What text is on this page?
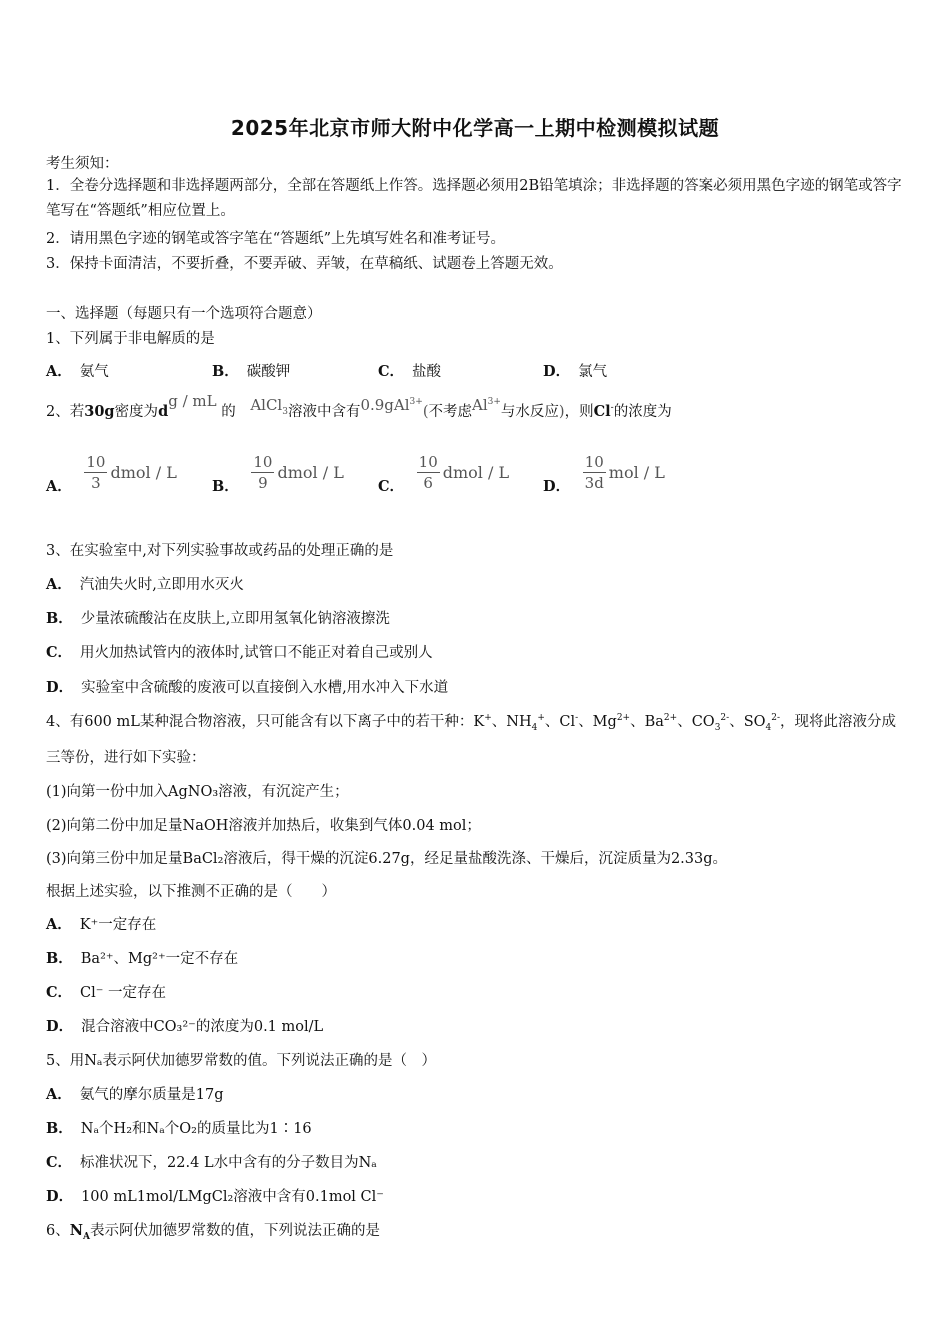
2025年北京市师大附中化学高一上期中检测模拟试题
考生须知：
1．全卷分选择题和非选择题两部分，全部在答题纸上作答。选择题必须用2B铅笔填涂；非选择题的答案必须用黑色字迹的钢笔或答字笔写在“答题纸”相应位置上。
2．请用黑色字迹的钢笔或答字笔在“答题纸”上先填写姓名和准考证号。
3．保持卡面清洁，不要折叠，不要弄破、弄皱，在草稿纸、试题卷上答题无效。
一、选择题（每题只有一个选项符合题意）
1、下列属于非电解质的是
A． 氨气	B． 碳酸钾	C． 盐酸	D． 氯气
2、若30g密度为$d^{g / mL}$ 的 AlCl$_3$溶液中含有0.9gAl$^{3+}$(不考虑$Al^{3+}$与水反应)，则Cl-的浓度为
A． $\frac{10}{3}$ dmol / L
B． $\frac{10}{9}$ dmol / L
C． $\frac{10}{6}$ dmol / L
D． $\frac{10}{3d}$ mol / L
3、在实验室中,对下列实验事故或药品的处理正确的是
A． 汽油失火时,立即用水灭火
B． 少量浓硫酸沾在皮肤上,立即用氢氧化钠溶液擦洗
C． 用火加热试管内的液体时,试管口不能正对着自己或别人
D． 实验室中含硫酸的废液可以直接倒入水槽,用水冲入下水道
4、有600 mL某种混合物溶液，只可能含有以下离子中的若干种：K+、$NH_4^+$、Cl-、$Mg^{2+}$、$Ba^{2+}$、$CO_3^{2-}$、$SO_4^{2-}$，现将此溶液分成
三等份，进行如下实验：
(1)向第一份中加入AgNO₃溶液，有沉淀产生；
(2)向第二份中加足量NaOH溶液并加热后，收集到气体0.04 mol；
(3)向第三份中加足量BaCl₂溶液后，得干燥的沉淀6.27g，经足量盐酸洗涤、干燥后，沉淀质量为2.33g。
根据上述实验，以下推测不正确的是（　　）
A． K⁺一定存在
B． Ba²⁺、Mg²⁺一定不存在
C． Cl⁻ 一定存在
D． 混合溶液中CO₃²⁻的浓度为0.1 mol/L
5、用Nₐ表示阿伏加德罗常数的值。下列说法正确的是（　）
A． 氨气的摩尔质量是17g
B． Nₐ个H₂和Nₐ个O₂的质量比为1∶16
C． 标准状况下，22.4 L水中含有的分子数目为Nₐ
D． 100 mL1mol/LMgCl₂溶液中含有0.1mol Cl⁻
6、$N_A$表示阿伏加德罗常数的值，下列说法正确的是
